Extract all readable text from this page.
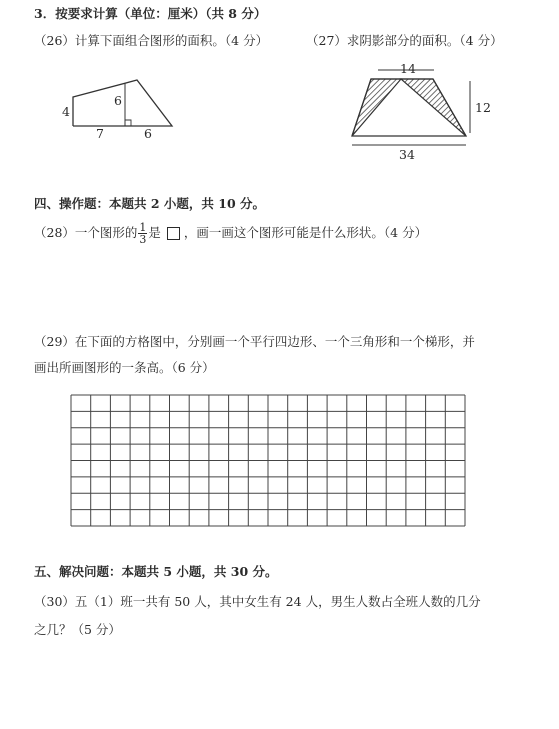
3．按要求计算（单位：厘米）（共 8 分）
（26）计算下面组合图形的面积。（4 分）	（27）求阴影部分的面积。（4 分）
4
6
7	6
14
12
34
四、操作题：本题共 2 小题，共 10 分。
（28）一个图形的 $\frac{1}{3}$ 是 ，画一画这个图形可能是什么形状。（4 分）
（29）在下面的方格图中，分别画一个平行四边形、一个三角形和一个梯形，并
画出所画图形的一条高。（6 分）
五、解决问题：本题共 5 小题，共 30 分。
（30）五（1）班一共有 50 人，其中女生有 24 人，男生人数占全班人数的几分
之几？（5 分）
